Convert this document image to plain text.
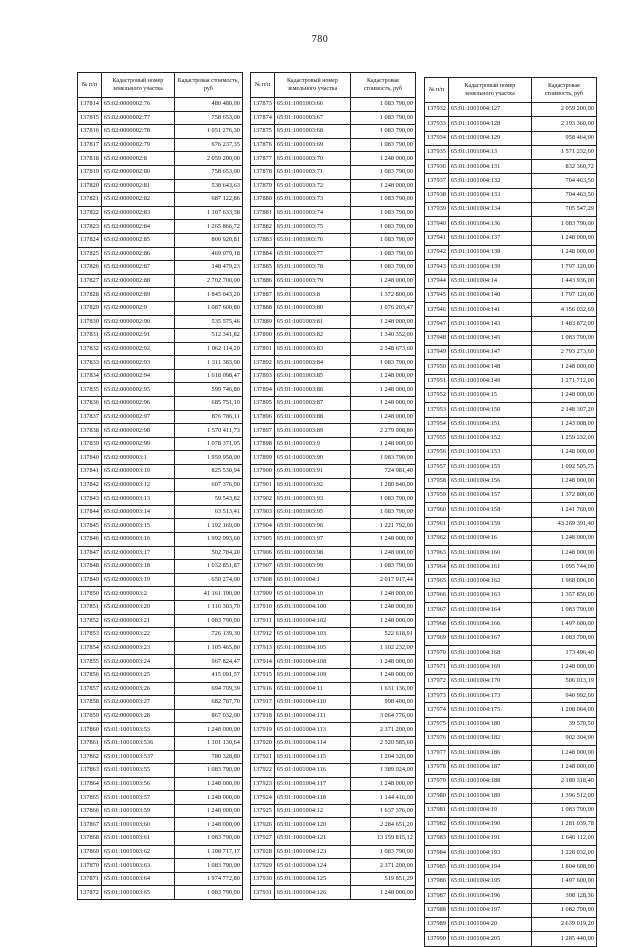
780
№ п/п	Кадастровый номер земельного участка	Кадастровая стоимость, руб
137814	65:02:0000002:76	480 480,00
137815	65:02:0000002:77	758 653,00
137816	65:02:0000002:78	1 051 276,30
137817	65:02:0000002:79	676 237,35
137818	65:02:0000002:8	2 059 200,00
137819	65:02:0000002:80	758 653,00
137820	65:02:0000002:81	538 643,63
137821	65:02:0000002:82	687 122,86
137822	65:02:0000002:83	1 107 633,38
137823	65:02:0000002:84	1 265 866,72
137824	65:02:0000002:85	800 920,81
137825	65:02:0000002:86	469 079,18
137826	65:02:0000002:87	148 479,23
137827	65:02:0000002:88	2 702 700,00
137828	65:02:0000002:89	1 845 043,20
137829	65:02:0000002:9	1 087 600,80
137830	65:02:0000002:90	535 575,46
137831	65:02:0000002:91	512 341,82
137832	65:02:0000002:92	1 062 114,20
137833	65:02:0000002:93	1 311 383,90
137834	65:02:0000002:94	1 618 098,47
137835	65:02:0000002:95	599 746,80
137836	65:02:0000002:96	685 751,10
137837	65:02:0000002:97	876 786,11
137838	65:02:0000002:98	1 570 411,73
137839	65:02:0000002:99	1 078 371,05
137840	65:02:0000003:1	1 959 950,00
137841	65:02:0000003:10	825 530,94
137842	65:02:0000003:12	607 376,00
137843	65:02:0000003:13	59 543,82
137844	65:02:0000003:14	63 513,41
137845	65:02:0000003:15	1 192 169,00
137846	65:02:0000003:16	1 992 993,60
137847	65:02:0000003:17	502 784,20
137848	65:02:0000003:18	1 032 851,87
137849	65:02:0000003:19	650 274,00
137850	65:02:0000003:2	41 161 190,00
137851	65:02:0000003:20	1 116 303,70
137852	65:02:0000003:21	1 083 790,00
137853	65:02:0000003:22	726 139,30
137854	65:02:0000003:23	1 105 465,80
137855	65:02:0000003:24	967 824,47
137856	65:02:0000003:25	415 091,57
137857	65:02:0000003:26	694 709,39
137858	65:02:0000003:27	682 787,70
137859	65:02:0000003:28	867 032,00
137860	65:01:1001003:53	1 248 000,00
137861	65:01:1001003:536	1 101 130,64
137862	65:01:1001003:537	780 328,80
137863	65:01:1001003:55	1 083 790,00
137864	65:01:1001003:56	1 248 000,00
137865	65:01:1001003:57	1 248 000,00
137866	65:01:1001003:59	1 248 000,00
137867	65:01:1001003:60	1 248 000,00
137868	65:01:1001003:61	1 083 790,00
137869	65:01:1001003:62	1 108 717,17
137870	65:01:1001003:63	1 083 790,00
137871	65:01:1001003:64	1 974 772,80
137872	65:01:1001003:65	1 083 790,00
№ п/п	Кадастровый номер земельного участка	Кадастровая стоимость, руб
137873	65:01:1001003:66	1 083 790,00
137874	65:01:1001003:67	1 083 790,00
137875	65:01:1001003:68	1 083 790,00
137876	65:01:1001003:69	1 083 790,00
137877	65:01:1001003:70	1 248 000,00
137878	65:01:1001003:71	1 083 790,00
137879	65:01:1001003:72	1 248 000,00
137880	65:01:1001003:73	1 083 790,00
137881	65:01:1001003:74	1 083 790,00
137882	65:01:1001003:75	1 083 790,00
137883	65:01:1001003:76	1 083 790,00
137884	65:01:1001003:77	1 083 790,00
137885	65:01:1001003:78	1 083 790,00
137886	65:01:1001003:79	1 248 000,00
137887	65:01:1001003:8	1 372 800,00
137888	65:01:1001003:80	1 076 203,47
137889	65:01:1001003:81	1 248 000,00
137890	65:01:1001003:82	1 340 352,00
137891	65:01:1001003:83	2 348 673,60
137892	65:01:1001003:84	1 083 790,00
137893	65:01:1001003:85	1 248 000,00
137894	65:01:1001003:86	1 248 000,00
137895	65:01:1001003:87	1 248 000,00
137896	65:01:1001003:88	1 248 000,00
137897	65:01:1001003:89	2 279 908,80
137898	65:01:1001003:9	1 248 000,00
137899	65:01:1001003:90	1 083 790,00
137900	65:01:1001003:91	724 981,40
137901	65:01:1001003:92	1 280 840,00
137902	65:01:1001003:93	1 083 790,00
137903	65:01:1001003:95	1 083 790,00
137904	65:01:1001003:96	1 221 792,00
137905	65:01:1001003:97	1 248 000,00
137906	65:01:1001003:98	1 248 000,00
137907	65:01:1001003:99	1 083 790,00
137908	65:01:1001004:1	2 017 917,44
137909	65:01:1001004:10	1 248 000,00
137910	65:01:1001004:100	1 248 000,00
137911	65:01:1001004:102	1 248 000,00
137912	65:01:1001004:103	522 618,91
137913	65:01:1001004:105	1 102 232,00
137914	65:01:1001004:108	1 248 000,00
137915	65:01:1001004:109	1 248 000,00
137916	65:01:1001004:11	1 631 136,00
137917	65:01:1001004:110	998 400,00
137918	65:01:1001004:111	3 064 776,00
137919	65:01:1001004:113	2 371 200,00
137920	65:01:1001004:114	2 520 585,60
137921	65:01:1001004:115	1 204 320,00
137922	65:01:1001004:116	1 389 024,00
137923	65:01:1001004:117	1 248 000,00
137924	65:01:1001004:118	1 144 416,00
137925	65:01:1001004:12	1 637 376,00
137926	65:01:1001004:120	2 284 651,20
137927	65:01:1001004:121	13 159 815,12
137928	65:01:1001004:123	1 083 790,00
137929	65:01:1001004:124	2 371 200,00
137930	65:01:1001004:125	519 851,29
137931	65:01:1001004:126	1 248 000,00
№ п/п	Кадастровый номер земельного участка	Кадастровая стоимость, руб
137932	65:01:1001004:127	2 059 200,00
137933	65:01:1001004:128	2 193 360,00
137934	65:01:1001004:129	958 464,00
137935	65:01:1001004:13	1 571 232,00
137936	65:01:1001004:131	832 360,72
137937	65:01:1001004:132	704 463,50
137938	65:01:1001004:133	704 463,50
137939	65:01:1001004:134	705 547,29
137940	65:01:1001004:136	1 083 790,00
137941	65:01:1001004:137	1 248 000,00
137942	65:01:1001004:138	1 248 000,00
137943	65:01:1001004:139	1 797 120,00
137944	65:01:1001004:14	1 443 936,00
137945	65:01:1001004:140	1 797 120,00
137946	65:01:1001004:141	4 156 032,69
137947	65:01:1001004:143	1 483 872,00
137948	65:01:1001004:145	1 083 790,00
137949	65:01:1001004:147	2 793 273,60
137950	65:01:1001004:148	1 248 000,00
137951	65:01:1001004:149	1 271 712,00
137952	65:01:1001004:15	1 248 000,00
137953	65:01:1001004:150	2 148 307,20
137954	65:01:1001004:151	1 243 008,00
137955	65:01:1001004:152	1 259 232,00
137956	65:01:1001004:153	1 248 000,00
137957	65:01:1001004:155	1 092 505,75
137958	65:01:1001004:156	1 248 000,00
137959	65:01:1001004:157	1 372 800,00
137960	65:01:1001004:158	1 241 760,00
137961	65:01:1001004:159	43 269 391,40
137962	65:01:1001004:16	1 248 000,00
137963	65:01:1001004:160	1 248 000,00
137964	65:01:1001004:161	1 095 744,00
137965	65:01:1001004:162	1 968 096,00
137966	65:01:1001004:163	1 357 856,00
137967	65:01:1001004:164	1 083 790,00
137968	65:01:1001004:166	1 497 600,00
137969	65:01:1001004:167	1 083 790,00
137970	65:01:1001004:168	173 496,40
137971	65:01:1001004:169	1 248 000,00
137972	65:01:1001004:170	506 013,19
137973	65:01:1001004:173	940 992,00
137974	65:01:1001004:175	1 208 064,00
137975	65:01:1001004:180	39 570,50
137976	65:01:1001004:182	902 304,00
137977	65:01:1001004:186	1 248 000,00
137978	65:01:1001004:187	1 248 000,00
137979	65:01:1001004:188	2 180 318,40
137980	65:01:1001004:189	1 396 512,00
137981	65:01:1001004:19	1 083 790,00
137982	65:01:1001004:190	1 281 039,78
137983	65:01:1001004:191	1 646 112,00
137984	65:01:1001004:193	1 228 032,00
137985	65:01:1001004:194	1 804 608,00
137986	65:01:1001004:195	1 497 600,00
137987	65:01:1001004:196	308 128,36
137988	65:01:1001004:197	1 082 790,00
137989	65:01:1001004:20	2 639 019,20
137990	65:01:1001004:205	1 285 440,00
